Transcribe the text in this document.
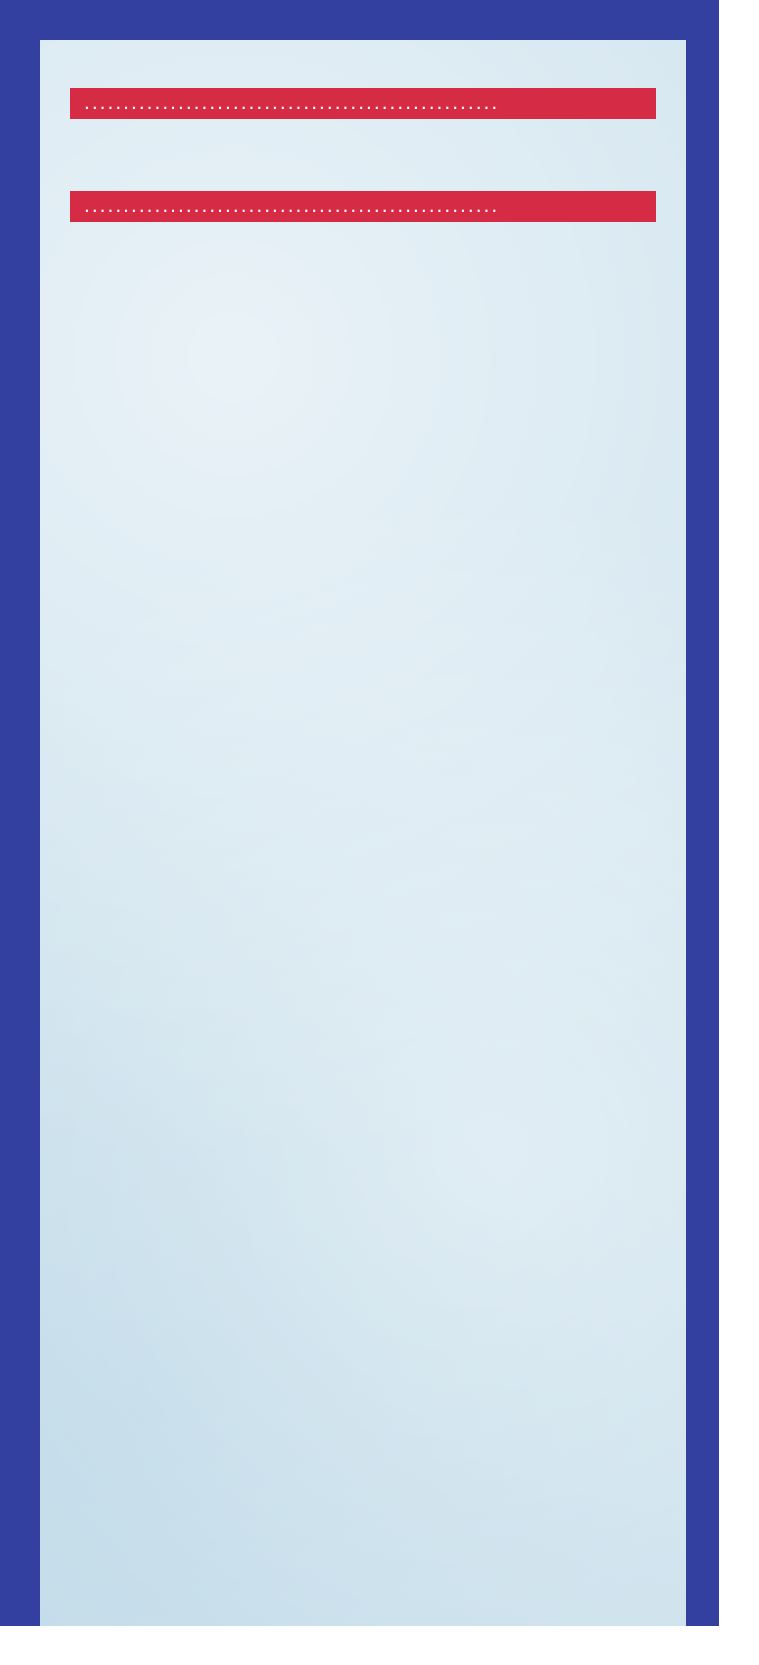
.....
.....
